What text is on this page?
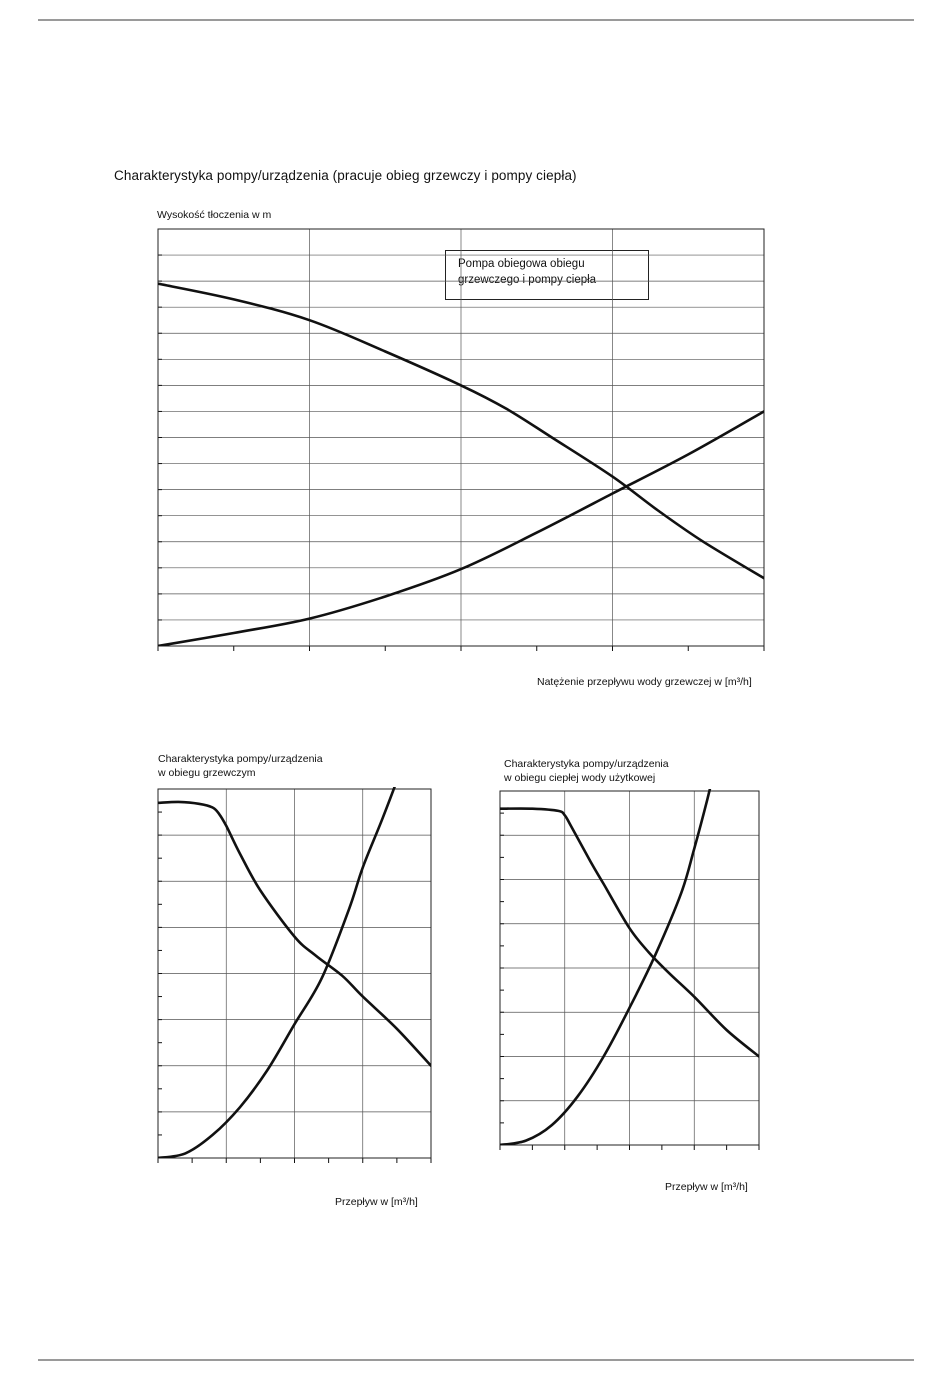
Charakterystyka pompy/urządzenia (pracuje obieg grzewczy i pompy ciepła)
Wysokość tłoczenia w m
Natężenie przepływu wody grzewczej w [m³/h]
Pompa obiegowa obiegu
grzewczego i pompy ciepła
Charakterystyka pompy/urządzenia
w obiegu grzewczym
Przepływ w [m³/h]
Charakterystyka pompy/urządzenia
w obiegu ciepłej wody użytkowej
Przepływ w [m³/h]
